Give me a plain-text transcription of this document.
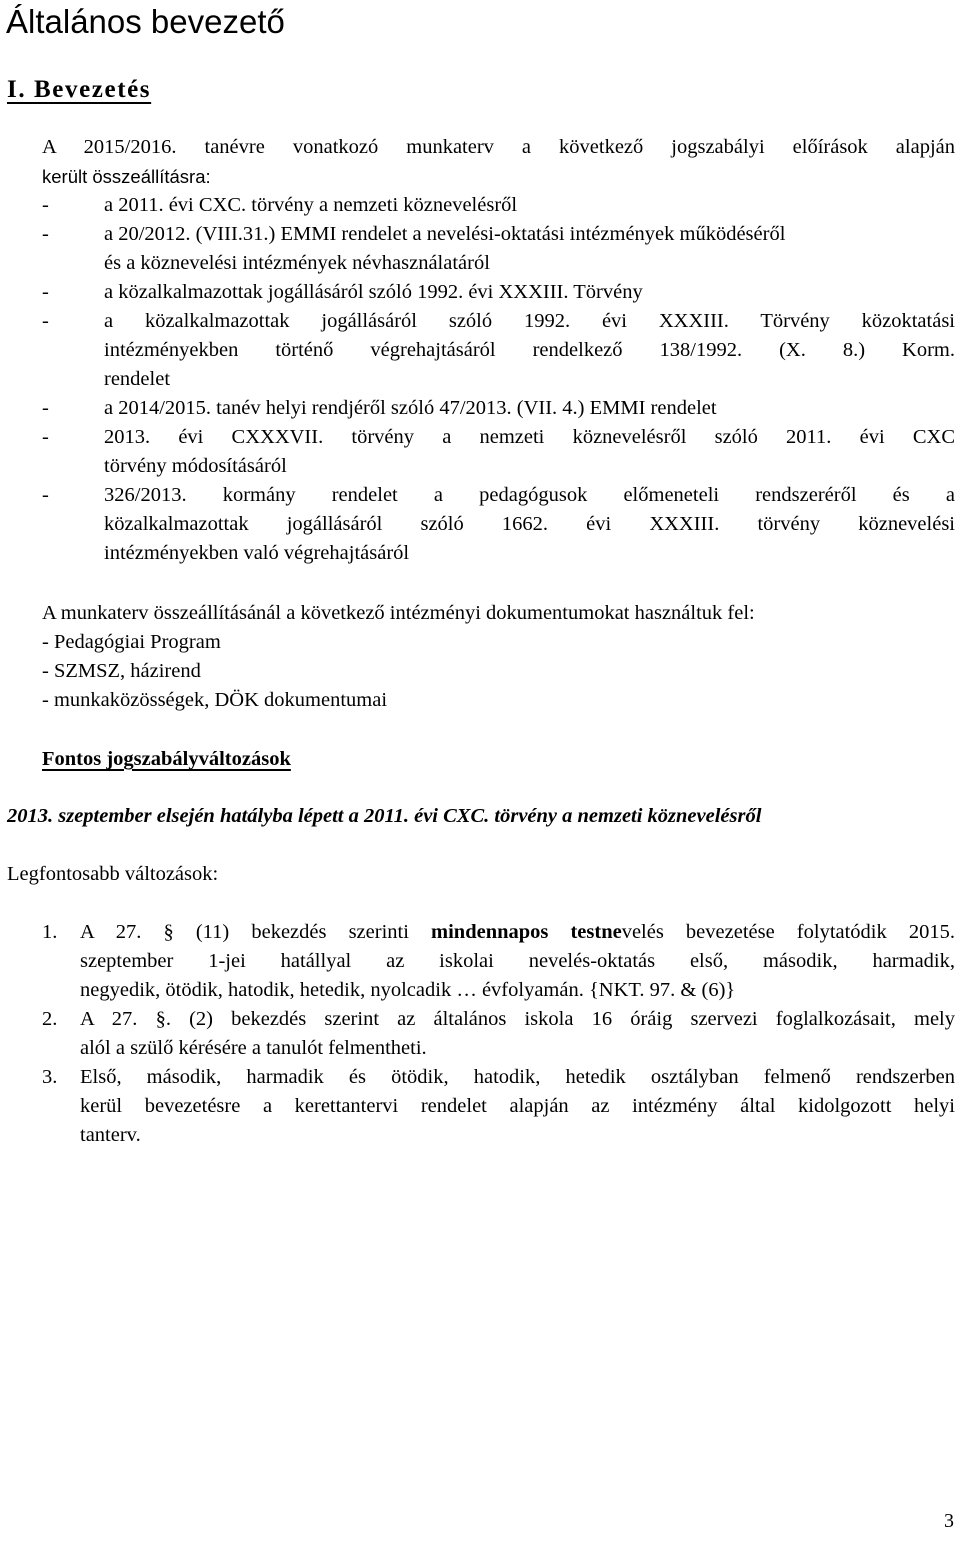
Általános bevezető
I. Bevezetés
A 2015/2016. tanévre vonatkozó munkaterv a következő jogszabályi előírások alapján
került összeállításra:
-	a 2011. évi CXC. törvény a nemzeti köznevelésről
-	a 20/2012. (VIII.31.) EMMI rendelet a nevelési-oktatási intézmények működéséről
és a köznevelési intézmények névhasználatáról
-	a közalkalmazottak jogállásáról szóló 1992. évi XXXIII. Törvény
-	a közalkalmazottak jogállásáról szóló 1992. évi XXXIII. Törvény közoktatási
intézményekben történő végrehajtásáról rendelkező 138/1992. (X. 8.) Korm.
rendelet
-	a 2014/2015. tanév helyi rendjéről szóló 47/2013. (VII. 4.) EMMI rendelet
-	2013. évi CXXXVII. törvény a nemzeti köznevelésről szóló 2011. évi CXC
törvény módosításáról
-	326/2013. kormány rendelet a pedagógusok előmeneteli rendszeréről és a
közalkalmazottak jogállásáról szóló 1662. évi XXXIII. törvény köznevelési
intézményekben való végrehajtásáról
A munkaterv összeállításánál a következő intézményi dokumentumokat használtuk fel:
- Pedagógiai Program
- SZMSZ, házirend
- munkaközösségek, DÖK dokumentumai
Fontos jogszabályváltozások
2013. szeptember elsején hatályba lépett a 2011. évi CXC. törvény a nemzeti köznevelésről
Legfontosabb változások:
1.	A 27. § (11) bekezdés szerinti mindennapos testnevelés bevezetése folytatódik 2015.
szeptember 1-jei hatállyal az iskolai nevelés-oktatás első, második, harmadik,
negyedik, ötödik, hatodik, hetedik, nyolcadik … évfolyamán. {NKT. 97. & (6)}
2.	A 27. §. (2) bekezdés szerint az általános iskola 16 óráig szervezi foglalkozásait, mely
alól a szülő kérésére a tanulót felmentheti.
3.	Első, második, harmadik és ötödik, hatodik, hetedik osztályban felmenő rendszerben
kerül bevezetésre a kerettantervi rendelet alapján az intézmény által kidolgozott helyi
tanterv.
3
